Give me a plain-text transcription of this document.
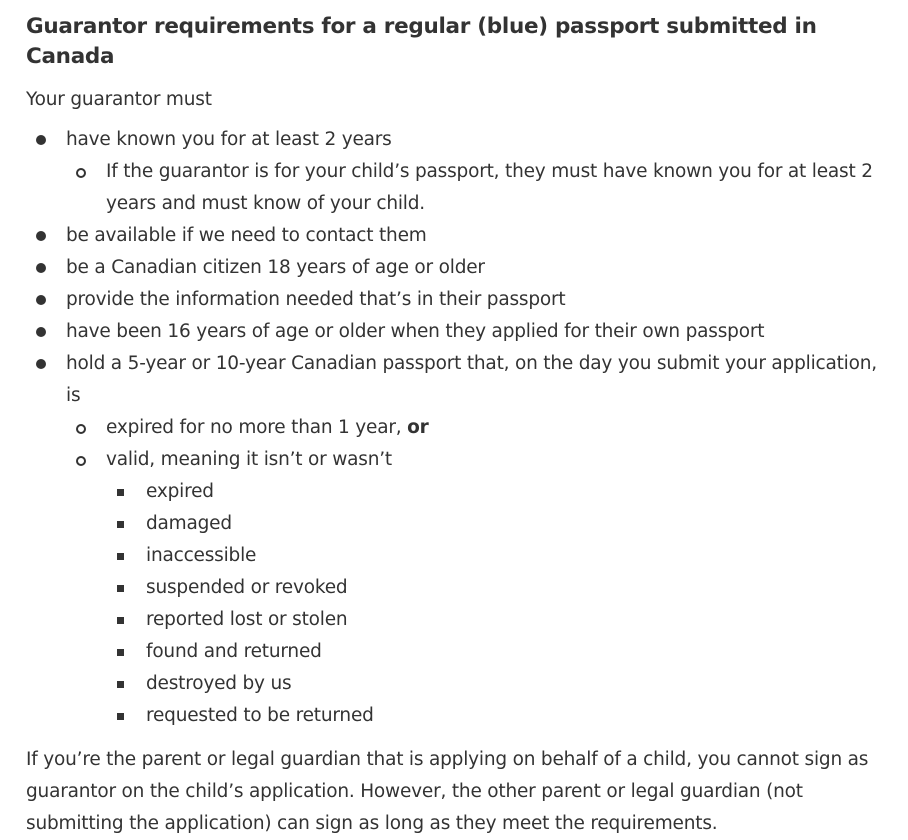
Guarantor requirements for a regular (blue) passport submitted in Canada

Your guarantor must

have known you for at least 2 years
If the guarantor is for your child’s passport, they must have known you for at least 2 years and must know of your child.
be available if we need to contact them
be a Canadian citizen 18 years of age or older
provide the information needed that’s in their passport
have been 16 years of age or older when they applied for their own passport
hold a 5-year or 10-year Canadian passport that, on the day you submit your application, is
expired for no more than 1 year, or
valid, meaning it isn’t or wasn’t
expired
damaged
inaccessible
suspended or revoked
reported lost or stolen
found and returned
destroyed by us
requested to be returned

If you’re the parent or legal guardian that is applying on behalf of a child, you cannot sign as guarantor on the child’s application. However, the other parent or legal guardian (not submitting the application) can sign as long as they meet the requirements.
